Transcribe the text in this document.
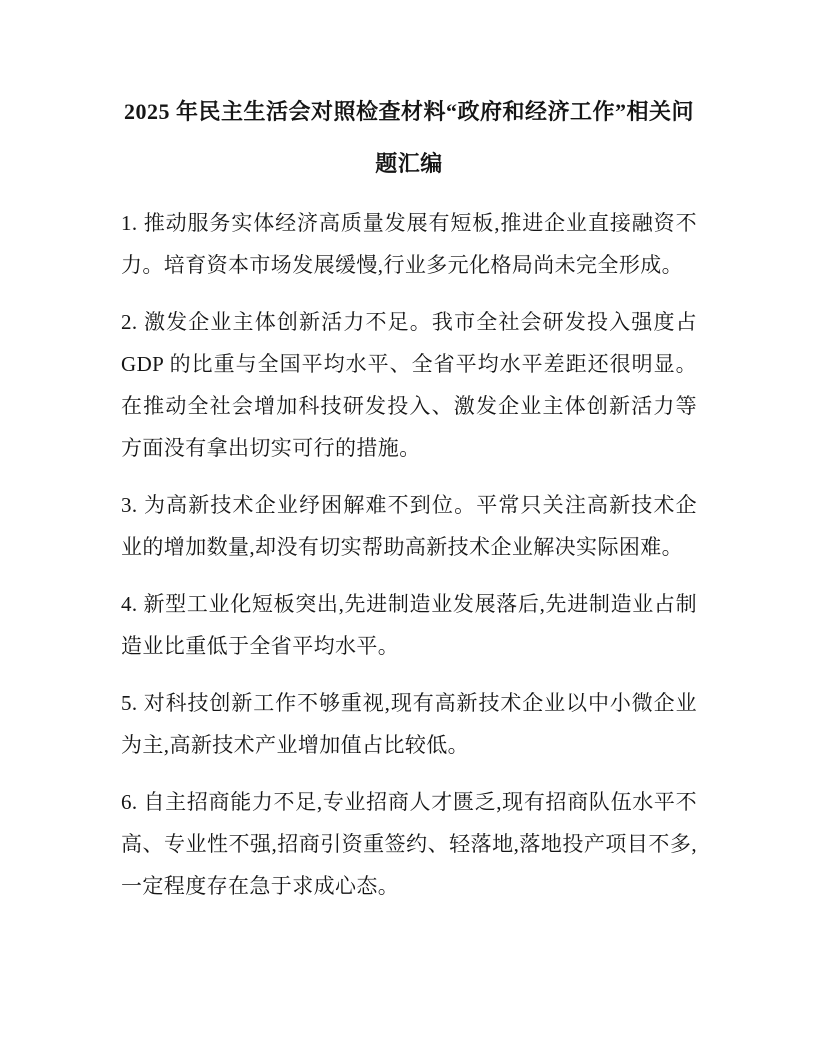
2025 年民主生活会对照检查材料“政府和经济工作”相关问题汇编

1. 推动服务实体经济高质量发展有短板,推进企业直接融资不力。培育资本市场发展缓慢,行业多元化格局尚未完全形成。

2. 激发企业主体创新活力不足。我市全社会研发投入强度占 GDP 的比重与全国平均水平、全省平均水平差距还很明显。在推动全社会增加科技研发投入、激发企业主体创新活力等方面没有拿出切实可行的措施。

3. 为高新技术企业纾困解难不到位。平常只关注高新技术企业的增加数量,却没有切实帮助高新技术企业解决实际困难。

4. 新型工业化短板突出,先进制造业发展落后,先进制造业占制造业比重低于全省平均水平。

5. 对科技创新工作不够重视,现有高新技术企业以中小微企业为主,高新技术产业增加值占比较低。

6. 自主招商能力不足,专业招商人才匮乏,现有招商队伍水平不高、专业性不强,招商引资重签约、轻落地,落地投产项目不多,一定程度存在急于求成心态。
